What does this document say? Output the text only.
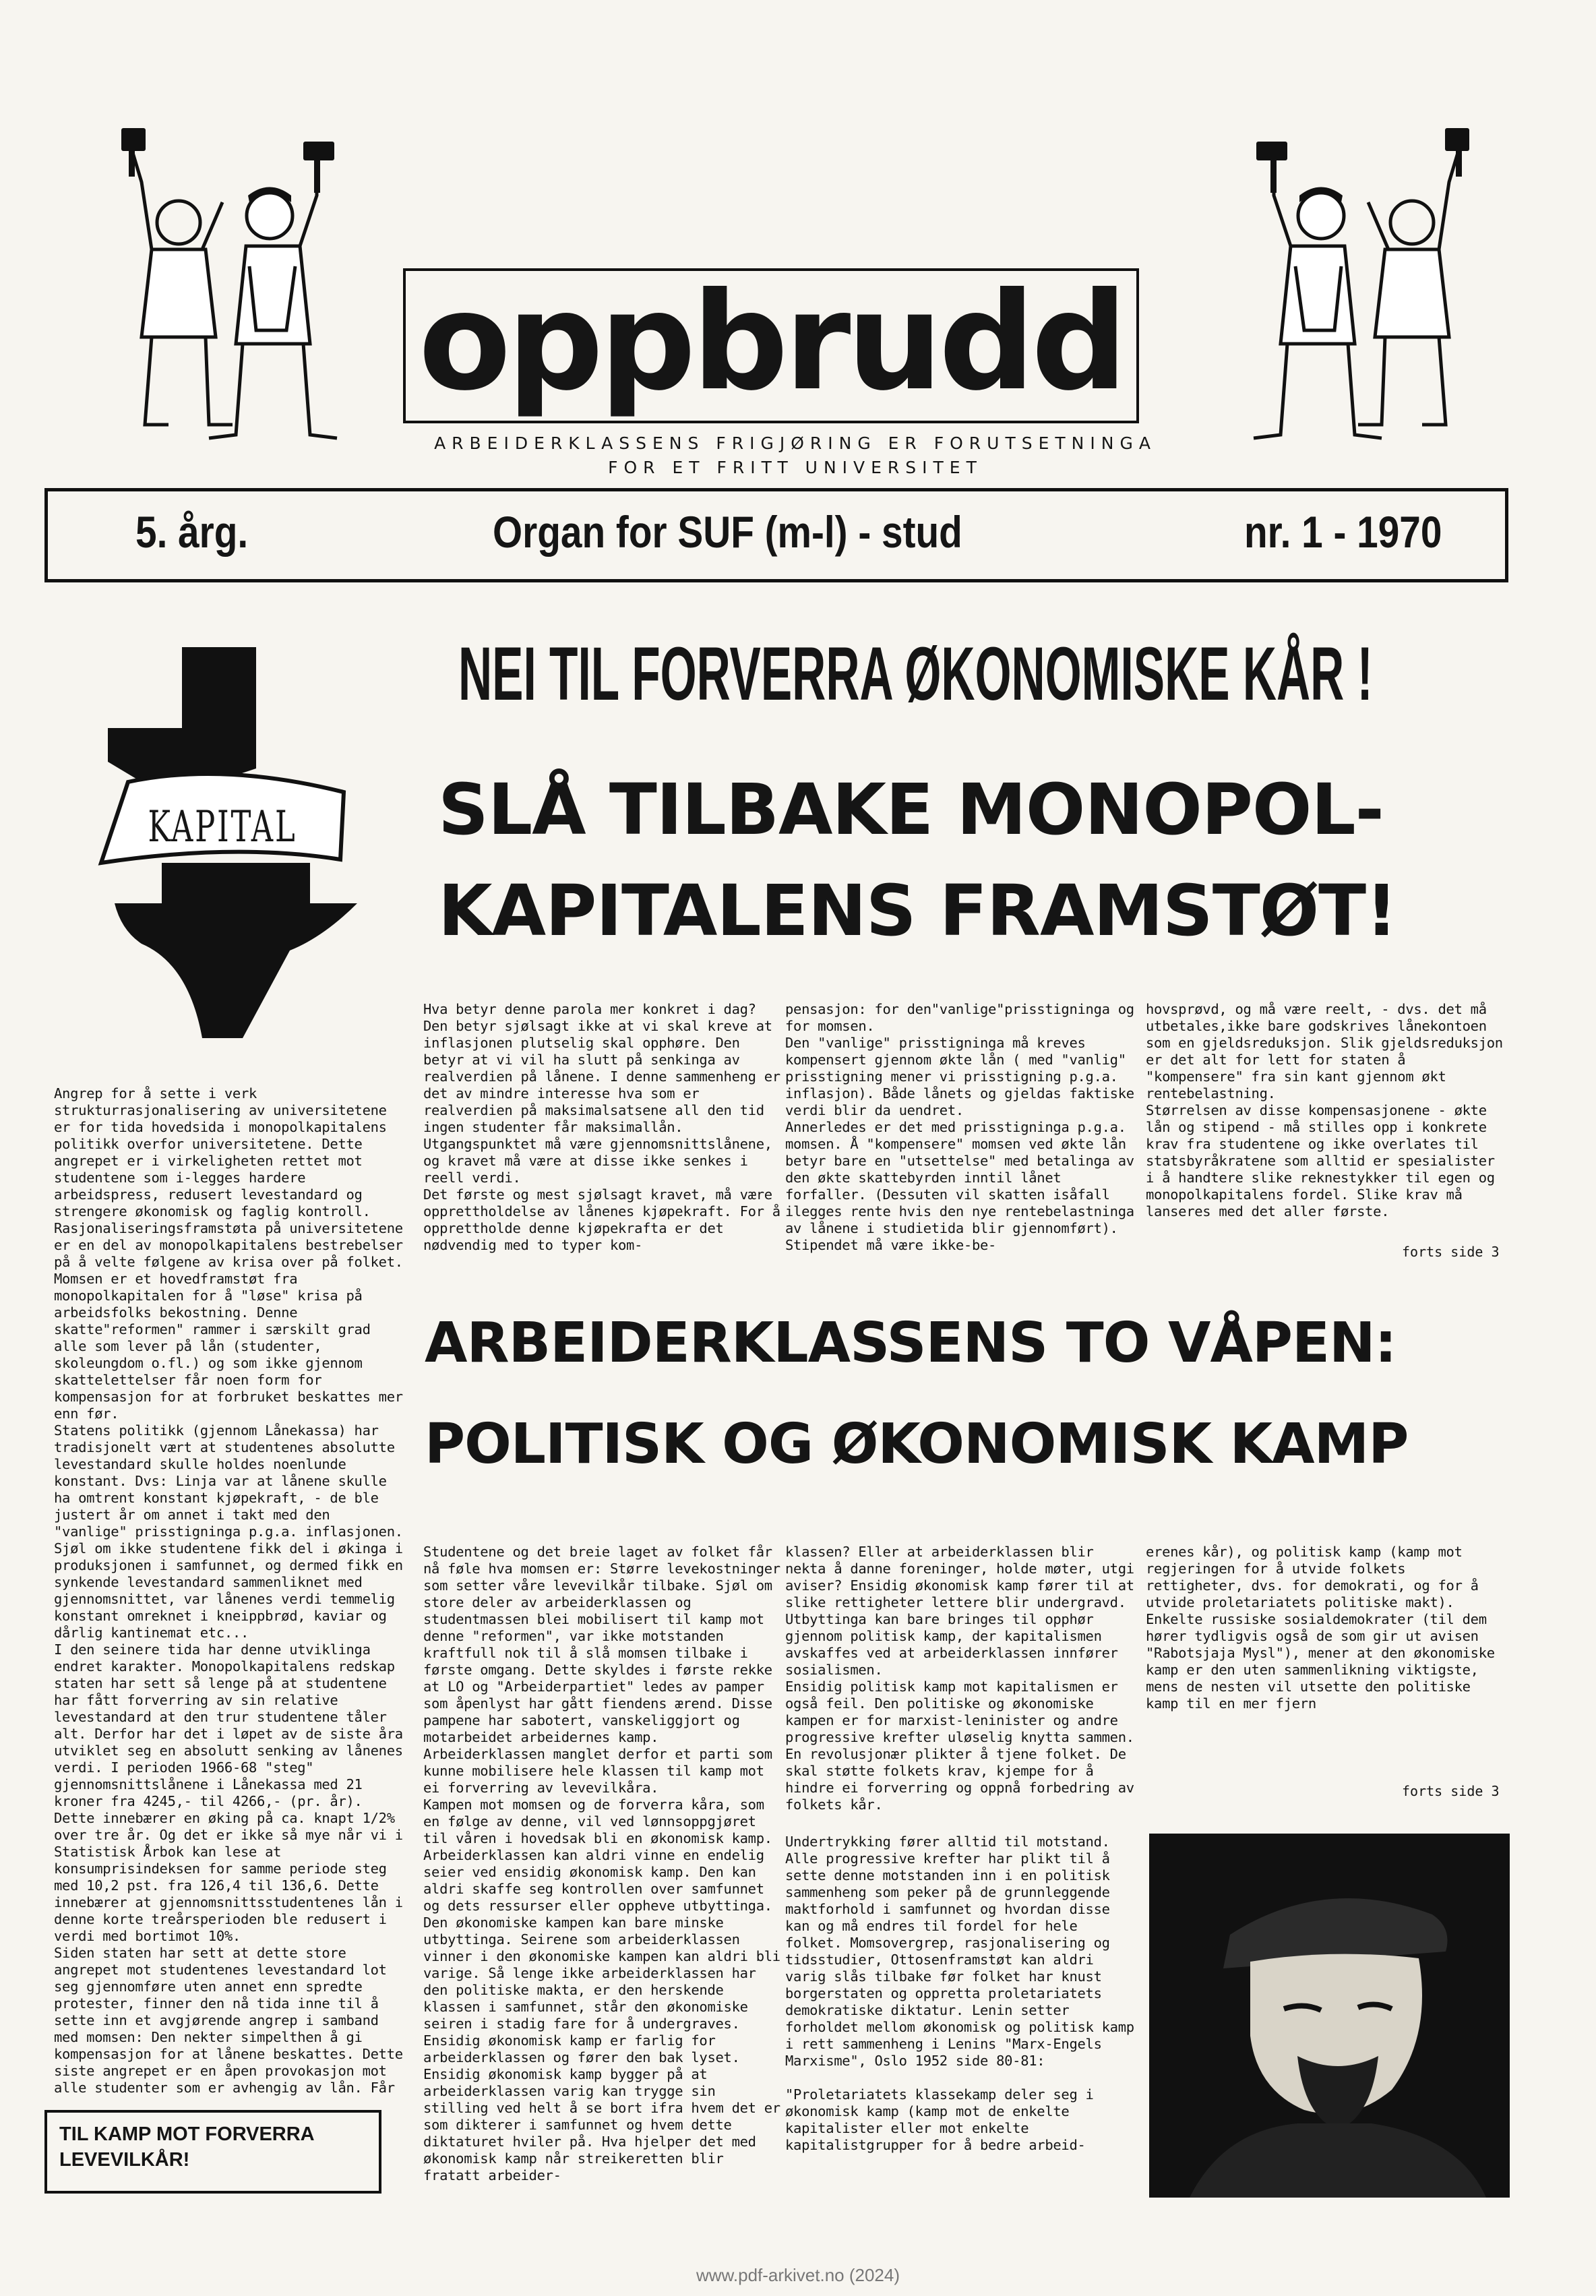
oppbrudd
ARBEIDERKLASSENS FRIGJØRING ER FORUTSETNINGA
FOR ET FRITT UNIVERSITET
5. årg.	Organ for SUF (m-l) - stud	nr. 1 - 1970
KAPITAL
NEI TIL FORVERRA ØKONOMISKE KÅR !
SLÅ TILBAKE MONOPOL-
KAPITALENS FRAMSTØT!
Angrep for å sette i verk strukturrasjonalisering av universitetene er for tida hovedsida i monopolkapitalens politikk overfor universitetene. Dette angrepet er i virkeligheten rettet mot studentene som i-legges hardere arbeidspress, redusert levestandard og strengere økonomisk og faglig kontroll. Rasjonaliseringsframstøta på universitetene er en del av monopolkapitalens bestrebelser på å velte følgene av krisa over på folket.
Momsen er et hovedframstøt fra monopolkapitalen for å "løse" krisa på arbeidsfolks bekostning. Denne skatte"reformen" rammer i særskilt grad alle som lever på lån (studenter, skoleungdom o.fl.) og som ikke gjennom skattelettelser får noen form for kompensasjon for at forbruket beskattes mer enn før.
Statens politikk (gjennom Lånekassa) har tradisjonelt vært at studentenes absolutte levestandard skulle holdes noenlunde konstant. Dvs: Linja var at lånene skulle ha omtrent konstant kjøpekraft, - de ble justert år om annet i takt med den "vanlige" prisstigninga p.g.a. inflasjonen. Sjøl om ikke studentene fikk del i økinga i produksjonen i samfunnet, og dermed fikk en synkende levestandard sammenliknet med gjennomsnittet, var lånenes verdi temmelig konstant omreknet i kneippbrød, kaviar og dårlig kantinemat etc...
I den seinere tida har denne utviklinga endret karakter. Monopolkapitalens redskap staten har sett så lenge på at studentene har fått forverring av sin relative levestandard at den trur studentene tåler alt. Derfor har det i løpet av de siste åra utviklet seg en absolutt senking av lånenes verdi. I perioden 1966-68 "steg" gjennomsnittslånene i Lånekassa med 21 kroner fra 4245,- til 4266,- (pr. år). Dette innebærer en øking på ca. knapt 1/2% over tre år. Og det er ikke så mye når vi i Statistisk Årbok kan lese at konsumprisindeksen for samme periode steg med 10,2 pst. fra 126,4 til 136,6. Dette innebærer at gjennomsnittsstudentenes lån i denne korte treårsperioden ble redusert i verdi med bortimot 10%.
Siden staten har sett at dette store angrepet mot studentenes levestandard lot seg gjennomføre uten annet enn spredte protester, finner den nå tida inne til å sette inn et avgjørende angrep i samband med momsen: Den nekter simpelthen å gi kompensasjon for at lånene beskattes. Dette siste angrepet er en åpen provokasjon mot alle studenter som er avhengig av lån. Får
TIL KAMP MOT FORVERRA LEVEVILKÅR!
Hva betyr denne parola mer konkret i dag? Den betyr sjølsagt ikke at vi skal kreve at inflasjonen plutselig skal opphøre. Den betyr at vi vil ha slutt på senkinga av realverdien på lånene. I denne sammenheng er det av mindre interesse hva som er realverdien på maksimalsatsene all den tid ingen studenter får maksimallån. Utgangspunktet må være gjennomsnittslånene, og kravet må være at disse ikke senkes i reell verdi.
Det første og mest sjølsagt kravet, må være opprettholdelse av lånenes kjøpekraft. For å opprettholde denne kjøpekrafta er det nødvendig med to typer kom-
pensasjon: for den"vanlige"prisstigninga og for momsen.
Den "vanlige" prisstigninga må kreves kompensert gjennom økte lån ( med "vanlig" prisstigning mener vi prisstigning p.g.a. inflasjon). Både lånets og gjeldas faktiske verdi blir da uendret.
Annerledes er det med prisstigninga p.g.a. momsen. Å "kompensere" momsen ved økte lån betyr bare en "utsettelse" med betalinga av den økte skattebyrden inntil lånet forfaller. (Dessuten vil skatten isåfall ilegges rente hvis den nye rentebelastninga av lånene i studietida blir gjennomført). Stipendet må være ikke-be-
hovsprøvd, og må være reelt, - dvs. det må utbetales,ikke bare godskrives lånekontoen som en gjeldsreduksjon. Slik gjeldsreduksjon er det alt for lett for staten å "kompensere" fra sin kant gjennom økt rentebelastning.
Størrelsen av disse kompensasjonene - økte lån og stipend - må stilles opp i konkrete krav fra studentene og ikke overlates til statsbyråkratene som alltid er spesialister i å handtere slike reknestykker til egen og monopolkapitalens fordel. Slike krav må lanseres med det aller første.
forts side 3
ARBEIDERKLASSENS TO VÅPEN:
POLITISK OG ØKONOMISK KAMP
Studentene og det breie laget av folket får nå føle hva momsen er: Større levekostninger som setter våre levevilkår tilbake. Sjøl om store deler av arbeiderklassen og studentmassen blei mobilisert til kamp mot denne "reformen", var ikke motstanden kraftfull nok til å slå momsen tilbake i første omgang. Dette skyldes i første rekke at LO og "Arbeiderpartiet" ledes av pamper som åpenlyst har gått fiendens ærend. Disse pampene har sabotert, vanskeliggjort og motarbeidet arbeidernes kamp. Arbeiderklassen manglet derfor et parti som kunne mobilisere hele klassen til kamp mot ei forverring av levevilkåra.
Kampen mot momsen og de forverra kåra, som en følge av denne, vil ved lønnsoppgjøret til våren i hovedsak bli en økonomisk kamp. Arbeiderklassen kan aldri vinne en endelig seier ved ensidig økonomisk kamp. Den kan aldri skaffe seg kontrollen over samfunnet og dets ressurser eller oppheve utbyttinga. Den økonomiske kampen kan bare minske utbyttinga. Seirene som arbeiderklassen vinner i den økonomiske kampen kan aldri bli varige. Så lenge ikke arbeiderklassen har den politiske makta, er den herskende klassen i samfunnet, står den økonomiske seiren i stadig fare for å undergraves. Ensidig økonomisk kamp er farlig for arbeiderklassen og fører den bak lyset. Ensidig økonomisk kamp bygger på at arbeiderklassen varig kan trygge sin stilling ved helt å se bort ifra hvem det er som dikterer i samfunnet og hvem dette diktaturet hviler på. Hva hjelper det med økonomisk kamp når streikeretten blir fratatt arbeider-
klassen? Eller at arbeiderklassen blir nekta å danne foreninger, holde møter, utgi aviser? Ensidig økonomisk kamp fører til at slike rettigheter lettere blir undergravd. Utbyttinga kan bare bringes til opphør gjennom politisk kamp, der kapitalismen avskaffes ved at arbeiderklassen innfører sosialismen.
Ensidig politisk kamp mot kapitalismen er også feil. Den politiske og økonomiske kampen er for marxist-leninister og andre progressive krefter uløselig knytta sammen. En revolusjonær plikter å tjene folket. De skal støtte folkets krav, kjempe for å hindre ei forverring og oppnå forbedring av folkets kår.
Undertrykking fører alltid til motstand. Alle progressive krefter har plikt til å sette denne motstanden inn i en politisk sammenheng som peker på de grunnleggende maktforhold i samfunnet og hvordan disse kan og må endres til fordel for hele folket. Momsovergrep, rasjonalisering og tidsstudier, Ottosenframstøt kan aldri varig slås tilbake før folket har knust borgerstaten og oppretta proletariatets demokratiske diktatur. Lenin setter forholdet mellom økonomisk og politisk kamp i rett sammenheng i Lenins "Marx-Engels Marxisme", Oslo 1952 side 80-81:

"Proletariatets klassekamp deler seg i økonomisk kamp (kamp mot de enkelte kapitalister eller mot enkelte kapitalistgrupper for å bedre arbeid-
erenes kår), og politisk kamp (kamp mot regjeringen for å utvide folkets rettigheter, dvs. for demokrati, og for å utvide proletariatets politiske makt). Enkelte russiske sosialdemokrater (til dem hører tydligvis også de som gir ut avisen "Rabotsjaja Mysl"), mener at den økonomiske kamp er den uten sammenlikning viktigste, mens de nesten vil utsette den politiske kamp til en mer fjern
forts side 3
www.pdf-arkivet.no (2024)
